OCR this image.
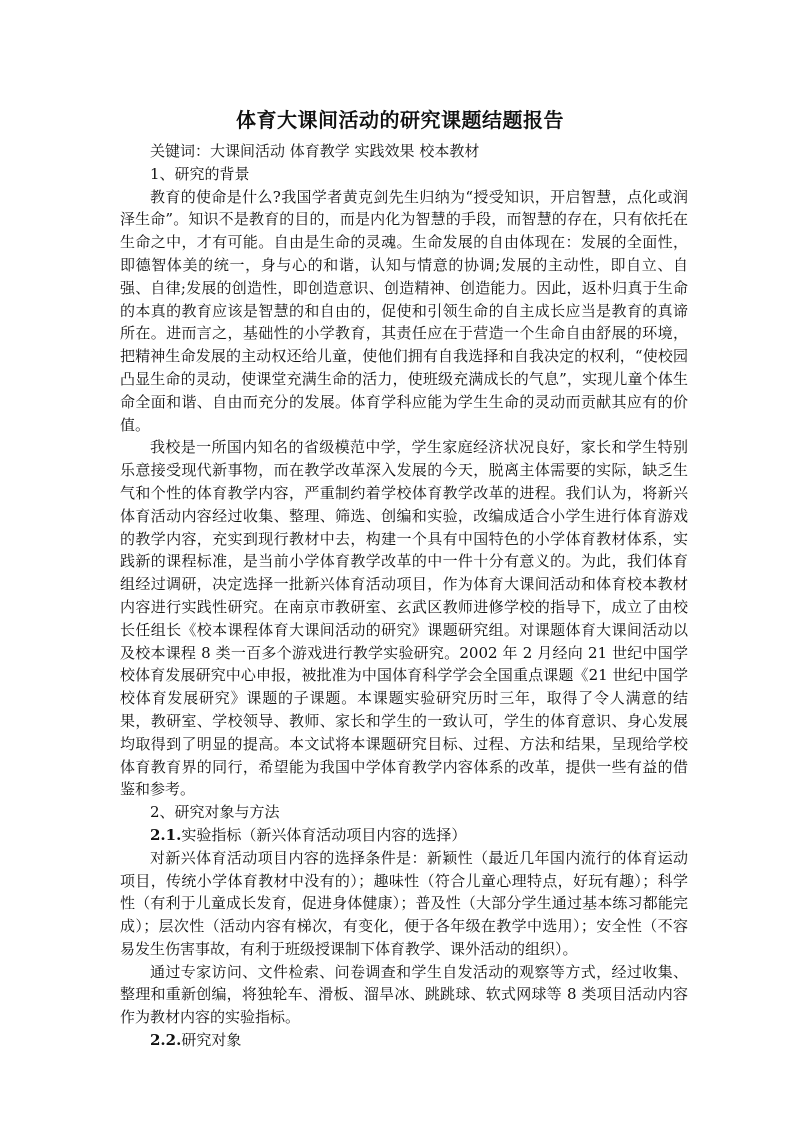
体育大课间活动的研究课题结题报告

关键词：大课间活动 体育教学 实践效果 校本教材

1、研究的背景

教育的使命是什么?我国学者黄克剑先生归纳为“授受知识，开启智慧，点化或润泽生命”。知识不是教育的目的，而是内化为智慧的手段，而智慧的存在，只有依托在生命之中，才有可能。自由是生命的灵魂。生命发展的自由体现在：发展的全面性，即德智体美的统一，身与心的和谐，认知与情意的协调;发展的主动性，即自立、自强、自律;发展的创造性，即创造意识、创造精神、创造能力。因此，返朴归真于生命的本真的教育应该是智慧的和自由的，促使和引领生命的自主成长应当是教育的真谛所在。进而言之，基础性的小学教育，其责任应在于营造一个生命自由舒展的环境，把精神生命发展的主动权还给儿童，使他们拥有自我选择和自我决定的权利，“使校园凸显生命的灵动，使课堂充满生命的活力，使班级充满成长的气息”，实现儿童个体生命全面和谐、自由而充分的发展。体育学科应能为学生生命的灵动而贡献其应有的价值。

我校是一所国内知名的省级模范中学，学生家庭经济状况良好，家长和学生特别乐意接受现代新事物，而在教学改革深入发展的今天，脱离主体需要的实际，缺乏生气和个性的体育教学内容，严重制约着学校体育教学改革的进程。我们认为，将新兴体育活动内容经过收集、整理、筛选、创编和实验，改编成适合小学生进行体育游戏的教学内容，充实到现行教材中去，构建一个具有中国特色的小学体育教材体系，实践新的课程标准，是当前小学体育教学改革的中一件十分有意义的。为此，我们体育组经过调研，决定选择一批新兴体育活动项目，作为体育大课间活动和体育校本教材内容进行实践性研究。在南京市教研室、玄武区教师进修学校的指导下，成立了由校长任组长《校本课程体育大课间活动的研究》课题研究组。对课题体育大课间活动以及校本课程 8 类一百多个游戏进行教学实验研究。2002 年 2 月经向 21 世纪中国学校体育发展研究中心申报，被批准为中国体育科学学会全国重点课题《21 世纪中国学校体育发展研究》课题的子课题。本课题实验研究历时三年，取得了令人满意的结果，教研室、学校领导、教师、家长和学生的一致认可，学生的体育意识、身心发展均取得到了明显的提高。本文试将本课题研究目标、过程、方法和结果，呈现给学校体育教育界的同行，希望能为我国中学体育教学内容体系的改革，提供一些有益的借鉴和参考。

2、研究对象与方法

2.1.实验指标（新兴体育活动项目内容的选择）

对新兴体育活动项目内容的选择条件是：新颖性（最近几年国内流行的体育运动项目，传统小学体育教材中没有的）；趣味性（符合儿童心理特点，好玩有趣）；科学性（有利于儿童成长发育，促进身体健康）；普及性（大部分学生通过基本练习都能完成）；层次性（活动内容有梯次，有变化，便于各年级在教学中选用）；安全性（不容易发生伤害事故，有利于班级授课制下体育教学、课外活动的组织）。

通过专家访问、文件检索、问卷调查和学生自发活动的观察等方式，经过收集、整理和重新创编，将独轮车、滑板、溜旱冰、跳跳球、软式网球等 8 类项目活动内容作为教材内容的实验指标。

2.2.研究对象
